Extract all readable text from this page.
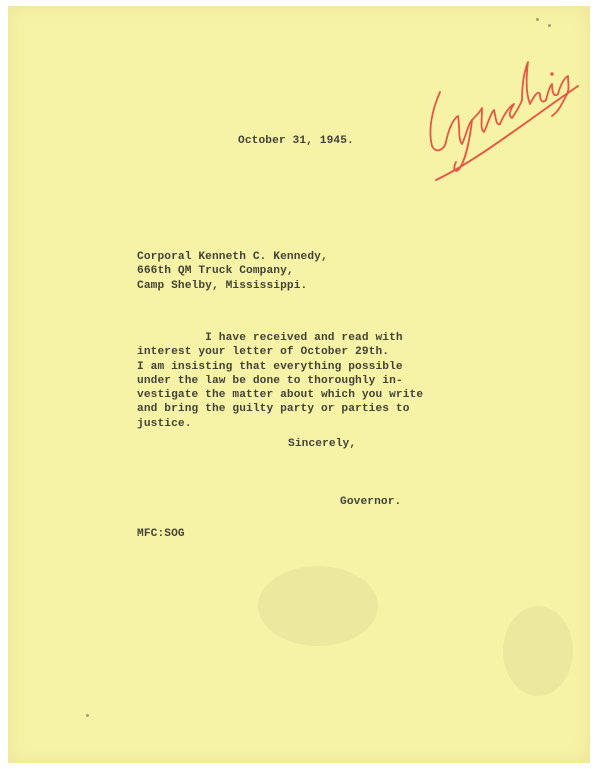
October 31, 1945.
Corporal Kenneth C. Kennedy,
666th QM Truck Company,
Camp Shelby, Mississippi.
I have received and read with
interest your letter of October 29th.
I am insisting that everything possible
under the law be done to thoroughly in-
vestigate the matter about which you write
and bring the guilty party or parties to
justice.
Sincerely,
Governor.
MFC:SOG
